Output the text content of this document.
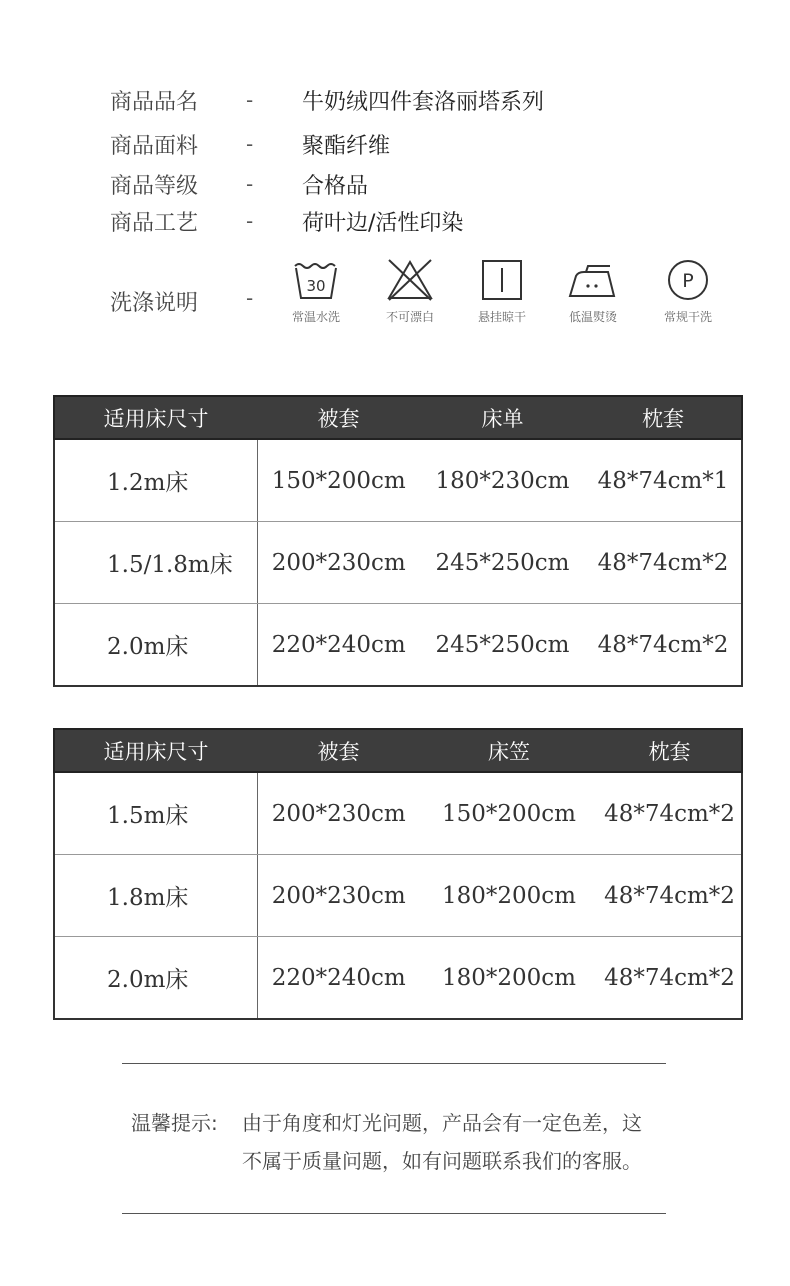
商品品名	-	牛奶绒四件套洛丽塔系列
商品面料	-	聚酯纤维
商品等级	-	合格品
商品工艺	-	荷叶边/活性印染
洗涤说明 -	30
常温水洗	不可漂白	悬挂晾干	低温熨烫
P
常规干洗
适用床尺寸	被套	床单	枕套
1.2m床	150*200cm	180*230cm	48*74cm*1
1.5/1.8m床	200*230cm	245*250cm	48*74cm*2
2.0m床	220*240cm	245*250cm	48*74cm*2
适用床尺寸	被套	床笠	枕套
1.5m床	200*230cm	150*200cm	48*74cm*2
1.8m床	200*230cm	180*200cm	48*74cm*2
2.0m床	220*240cm	180*200cm	48*74cm*2
温馨提示: 由于角度和灯光问题，产品会有一定色差，这
不属于质量问题，如有问题联系我们的客服。
